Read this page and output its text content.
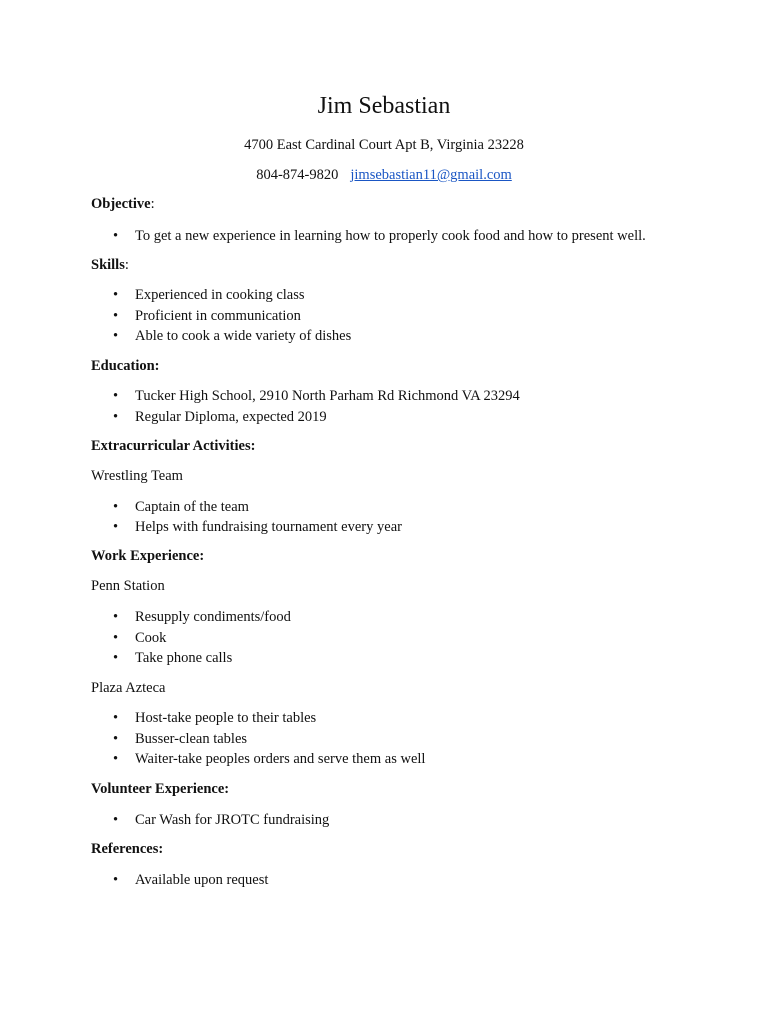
Jim Sebastian
4700 East Cardinal Court Apt B, Virginia 23228
804-874-9820 jimsebastian11@gmail.com
Objective:
• To get a new experience in learning how to properly cook food and how to present well.
Skills:
• Experienced in cooking class
• Proficient in communication
• Able to cook a wide variety of dishes
Education:
• Tucker High School, 2910 North Parham Rd Richmond VA 23294
• Regular Diploma, expected 2019
Extracurricular Activities:
Wrestling Team
• Captain of the team
• Helps with fundraising tournament every year
Work Experience:
Penn Station
• Resupply condiments/food
• Cook
• Take phone calls
Plaza Azteca
• Host-take people to their tables
• Busser-clean tables
• Waiter-take peoples orders and serve them as well
Volunteer Experience:
• Car Wash for JROTC fundraising
References:
• Available upon request
